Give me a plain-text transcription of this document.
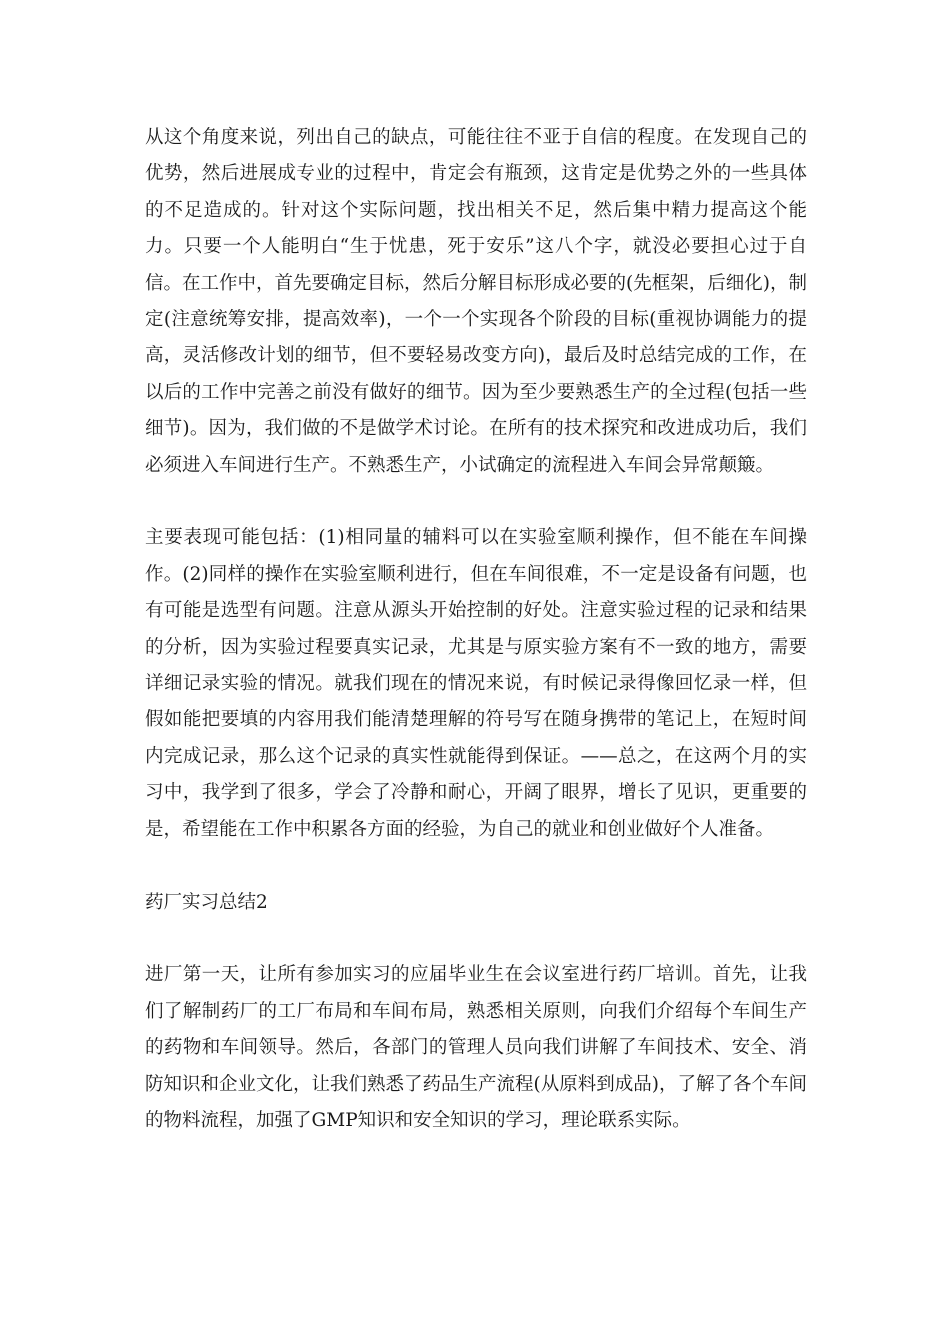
从这个角度来说，列出自己的缺点，可能往往不亚于自信的程度。在发现自己的优势，然后进展成专业的过程中，肯定会有瓶颈，这肯定是优势之外的一些具体的不足造成的。针对这个实际问题，找出相关不足，然后集中精力提高这个能力。只要一个人能明白“生于忧患，死于安乐”这八个字，就没必要担心过于自信。在工作中，首先要确定目标，然后分解目标形成必要的(先框架，后细化)，制定(注意统筹安排，提高效率)，一个一个实现各个阶段的目标(重视协调能力的提高，灵活修改计划的细节，但不要轻易改变方向)，最后及时总结完成的工作，在以后的工作中完善之前没有做好的细节。因为至少要熟悉生产的全过程(包括一些细节)。因为，我们做的不是做学术讨论。在所有的技术探究和改进成功后，我们必须进入车间进行生产。不熟悉生产，小试确定的流程进入车间会异常颠簸。

主要表现可能包括：(1)相同量的辅料可以在实验室顺利操作，但不能在车间操作。(2)同样的操作在实验室顺利进行，但在车间很难，不一定是设备有问题，也有可能是选型有问题。注意从源头开始控制的好处。注意实验过程的记录和结果的分析，因为实验过程要真实记录，尤其是与原实验方案有不一致的地方，需要详细记录实验的情况。就我们现在的情况来说，有时候记录得像回忆录一样，但假如能把要填的内容用我们能清楚理解的符号写在随身携带的笔记上，在短时间内完成记录，那么这个记录的真实性就能得到保证。——总之，在这两个月的实习中，我学到了很多，学会了冷静和耐心，开阔了眼界，增长了见识，更重要的是，希望能在工作中积累各方面的经验，为自己的就业和创业做好个人准备。

药厂实习总结2

进厂第一天，让所有参加实习的应届毕业生在会议室进行药厂培训。首先，让我们了解制药厂的工厂布局和车间布局，熟悉相关原则，向我们介绍每个车间生产的药物和车间领导。然后，各部门的管理人员向我们讲解了车间技术、安全、消防知识和企业文化，让我们熟悉了药品生产流程(从原料到成品)，了解了各个车间的物料流程，加强了GMP知识和安全知识的学习，理论联系实际。
